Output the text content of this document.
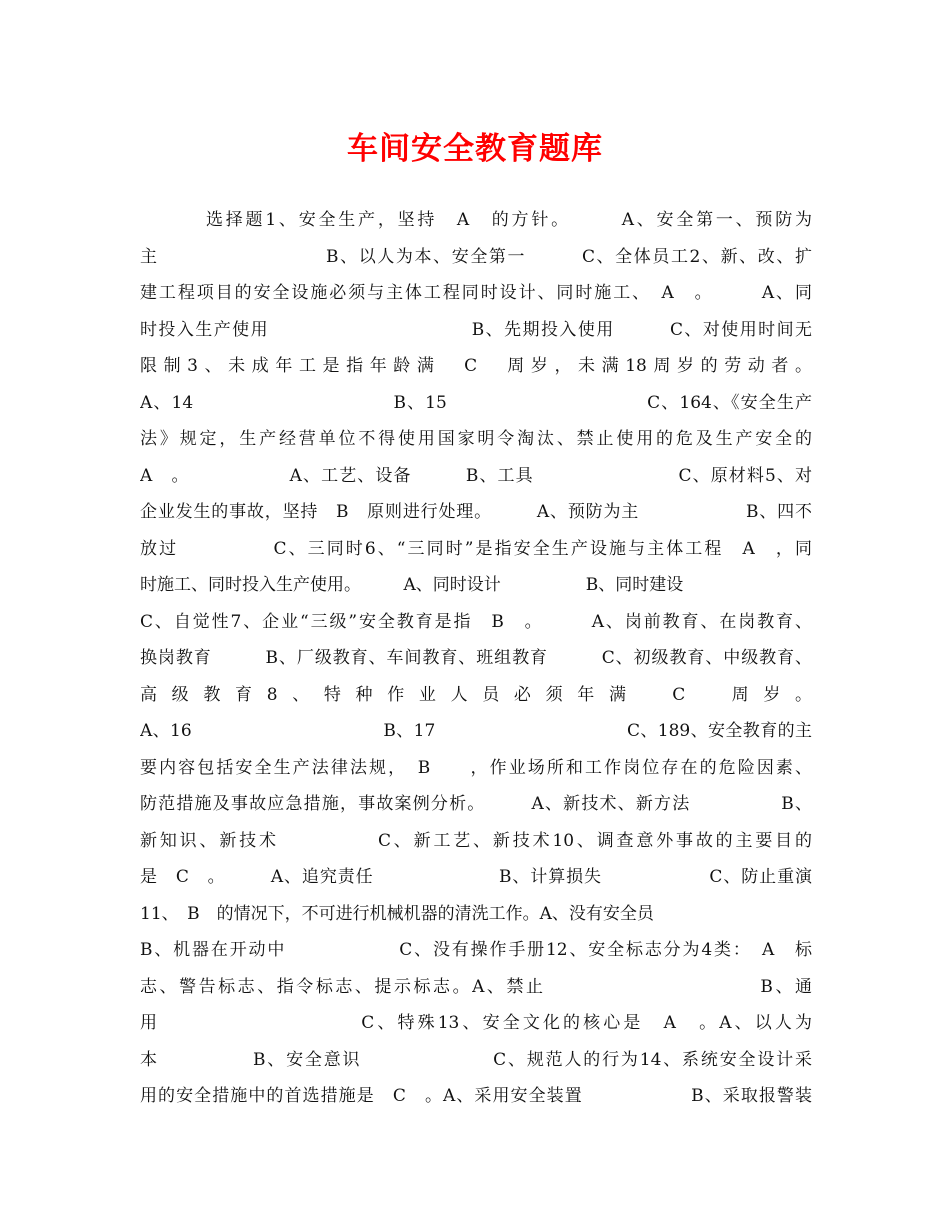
车间安全教育题库
选择题1、安全生产，坚持　A　的方针。　　　A、安全第一、预防为
主　　　　　　　　　B、以人为本、安全第一　　　C、全体员工2、新、改、扩
建工程项目的安全设施必须与主体工程同时设计、同时施工、　A　。　　　A、同
时投入生产使用　　　　　　　　　　　B、先期投入使用　　　C、对使用时间无
限制3、未成年工是指年龄满　C　周岁，未满18周岁的劳动者。
A、14　　　　　　　　　　　B、15　　　　　　　　　　　C、164、《安全生产
法》规定，生产经营单位不得使用国家明令淘汰、禁止使用的危及生产安全的
A　。　　　　　　A、工艺、设备　　　B、工具　　　　　　　　C、原材料5、对
企业发生的事故，坚持　B　原则进行处理。　　　A、预防为主　　　　　　B、四不
放过　　　　　C、三同时6、“三同时”是指安全生产设施与主体工程　A　，同
时施工、同时投入生产使用。　　　A、同时设计　　　　　B、同时建设
C、自觉性7、企业“三级”安全教育是指　B　。　　　A、岗前教育、在岗教育、
换岗教育　　　B、厂级教育、车间教育、班组教育　　　C、初级教育、中级教育、
高级教育8、特种作业人员必须年满　C　周岁。
A、16　　　　　　　　　　　B、17　　　　　　　　　　　C、189、安全教育的主
要内容包括安全生产法律法规，　B　　，作业场所和工作岗位存在的危险因素、
防范措施及事故应急措施，事故案例分析。　　　A、新技术、新方法　　　　　B、
新知识、新技术　　　　　C、新工艺、新技术10、调查意外事故的主要目的
是　C　。　　　A、追究责任　　　　　　　B、计算损失　　　　　　C、防止重演
11、　B　的情况下，不可进行机械机器的清洗工作。A、没有安全员
B、机器在开动中　　　　　　C、没有操作手册12、安全标志分为4类：　A　标
志、警告标志、指令标志、提示标志。A、禁止　　　　　　　　　　　B、通
用　　　　　　　　　　C、特殊13、安全文化的核心是　A　。A、以人为
本　　　　　B、安全意识　　　　　　　C、规范人的行为14、系统安全设计采
用的安全措施中的首选措施是　C　。A、采用安全装置　　　　　　B、采取报警装
